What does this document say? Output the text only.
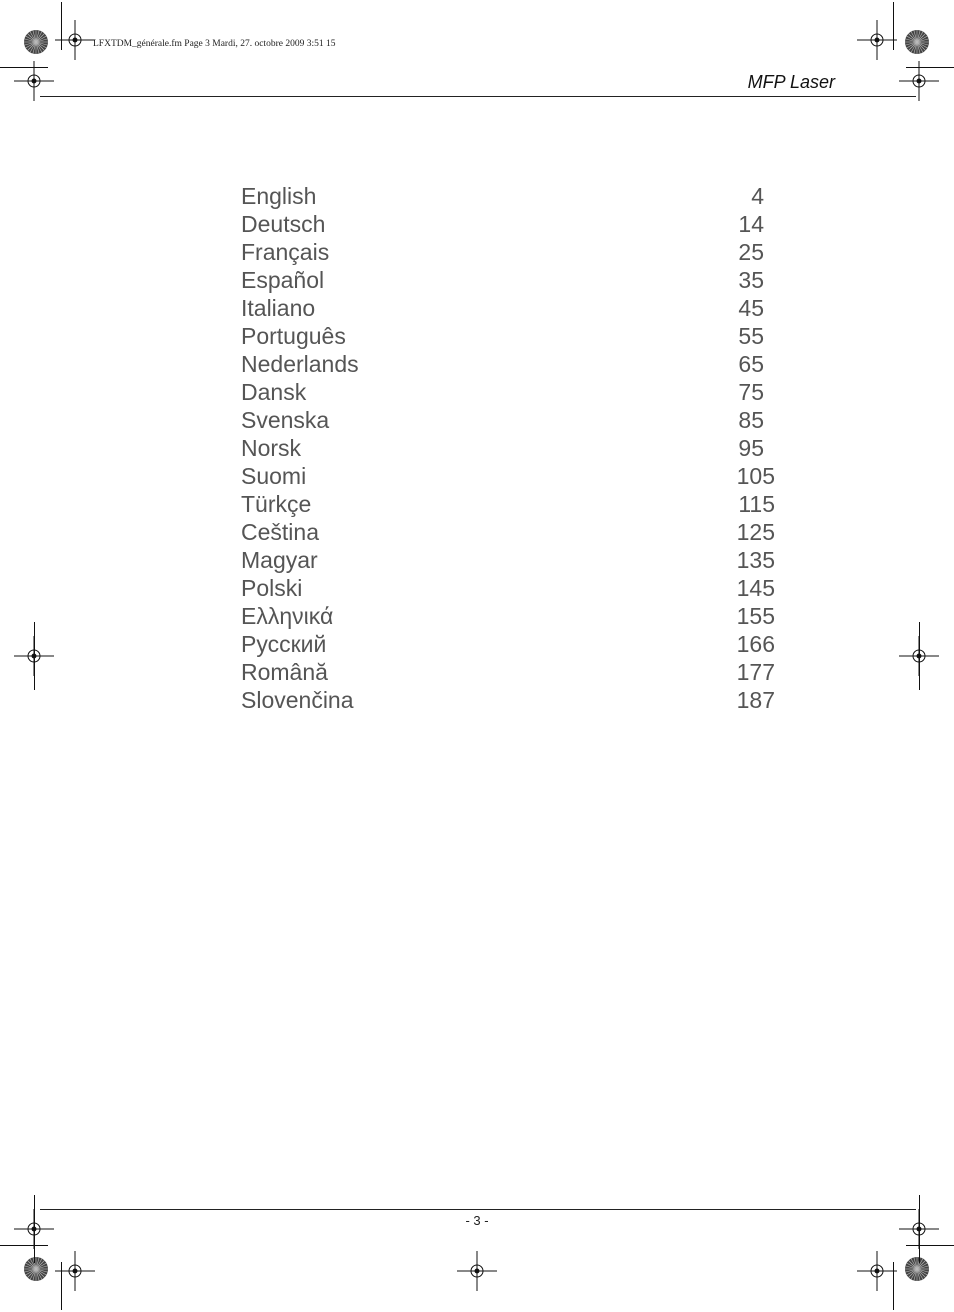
LFXTDM_générale.fm Page 3 Mardi, 27. octobre 2009 3:51 15
MFP Laser
English	4
Deutsch	14
Français	25
Español	35
Italiano	45
Português	55
Nederlands	65
Dansk	75
Svenska	85
Norsk	95
Suomi	105
Türkçe	115
Ceština	125
Magyar	135
Polski	145
Ελληνικά	155
Русский	166
Română	177
Slovenčina	187
- 3 -
